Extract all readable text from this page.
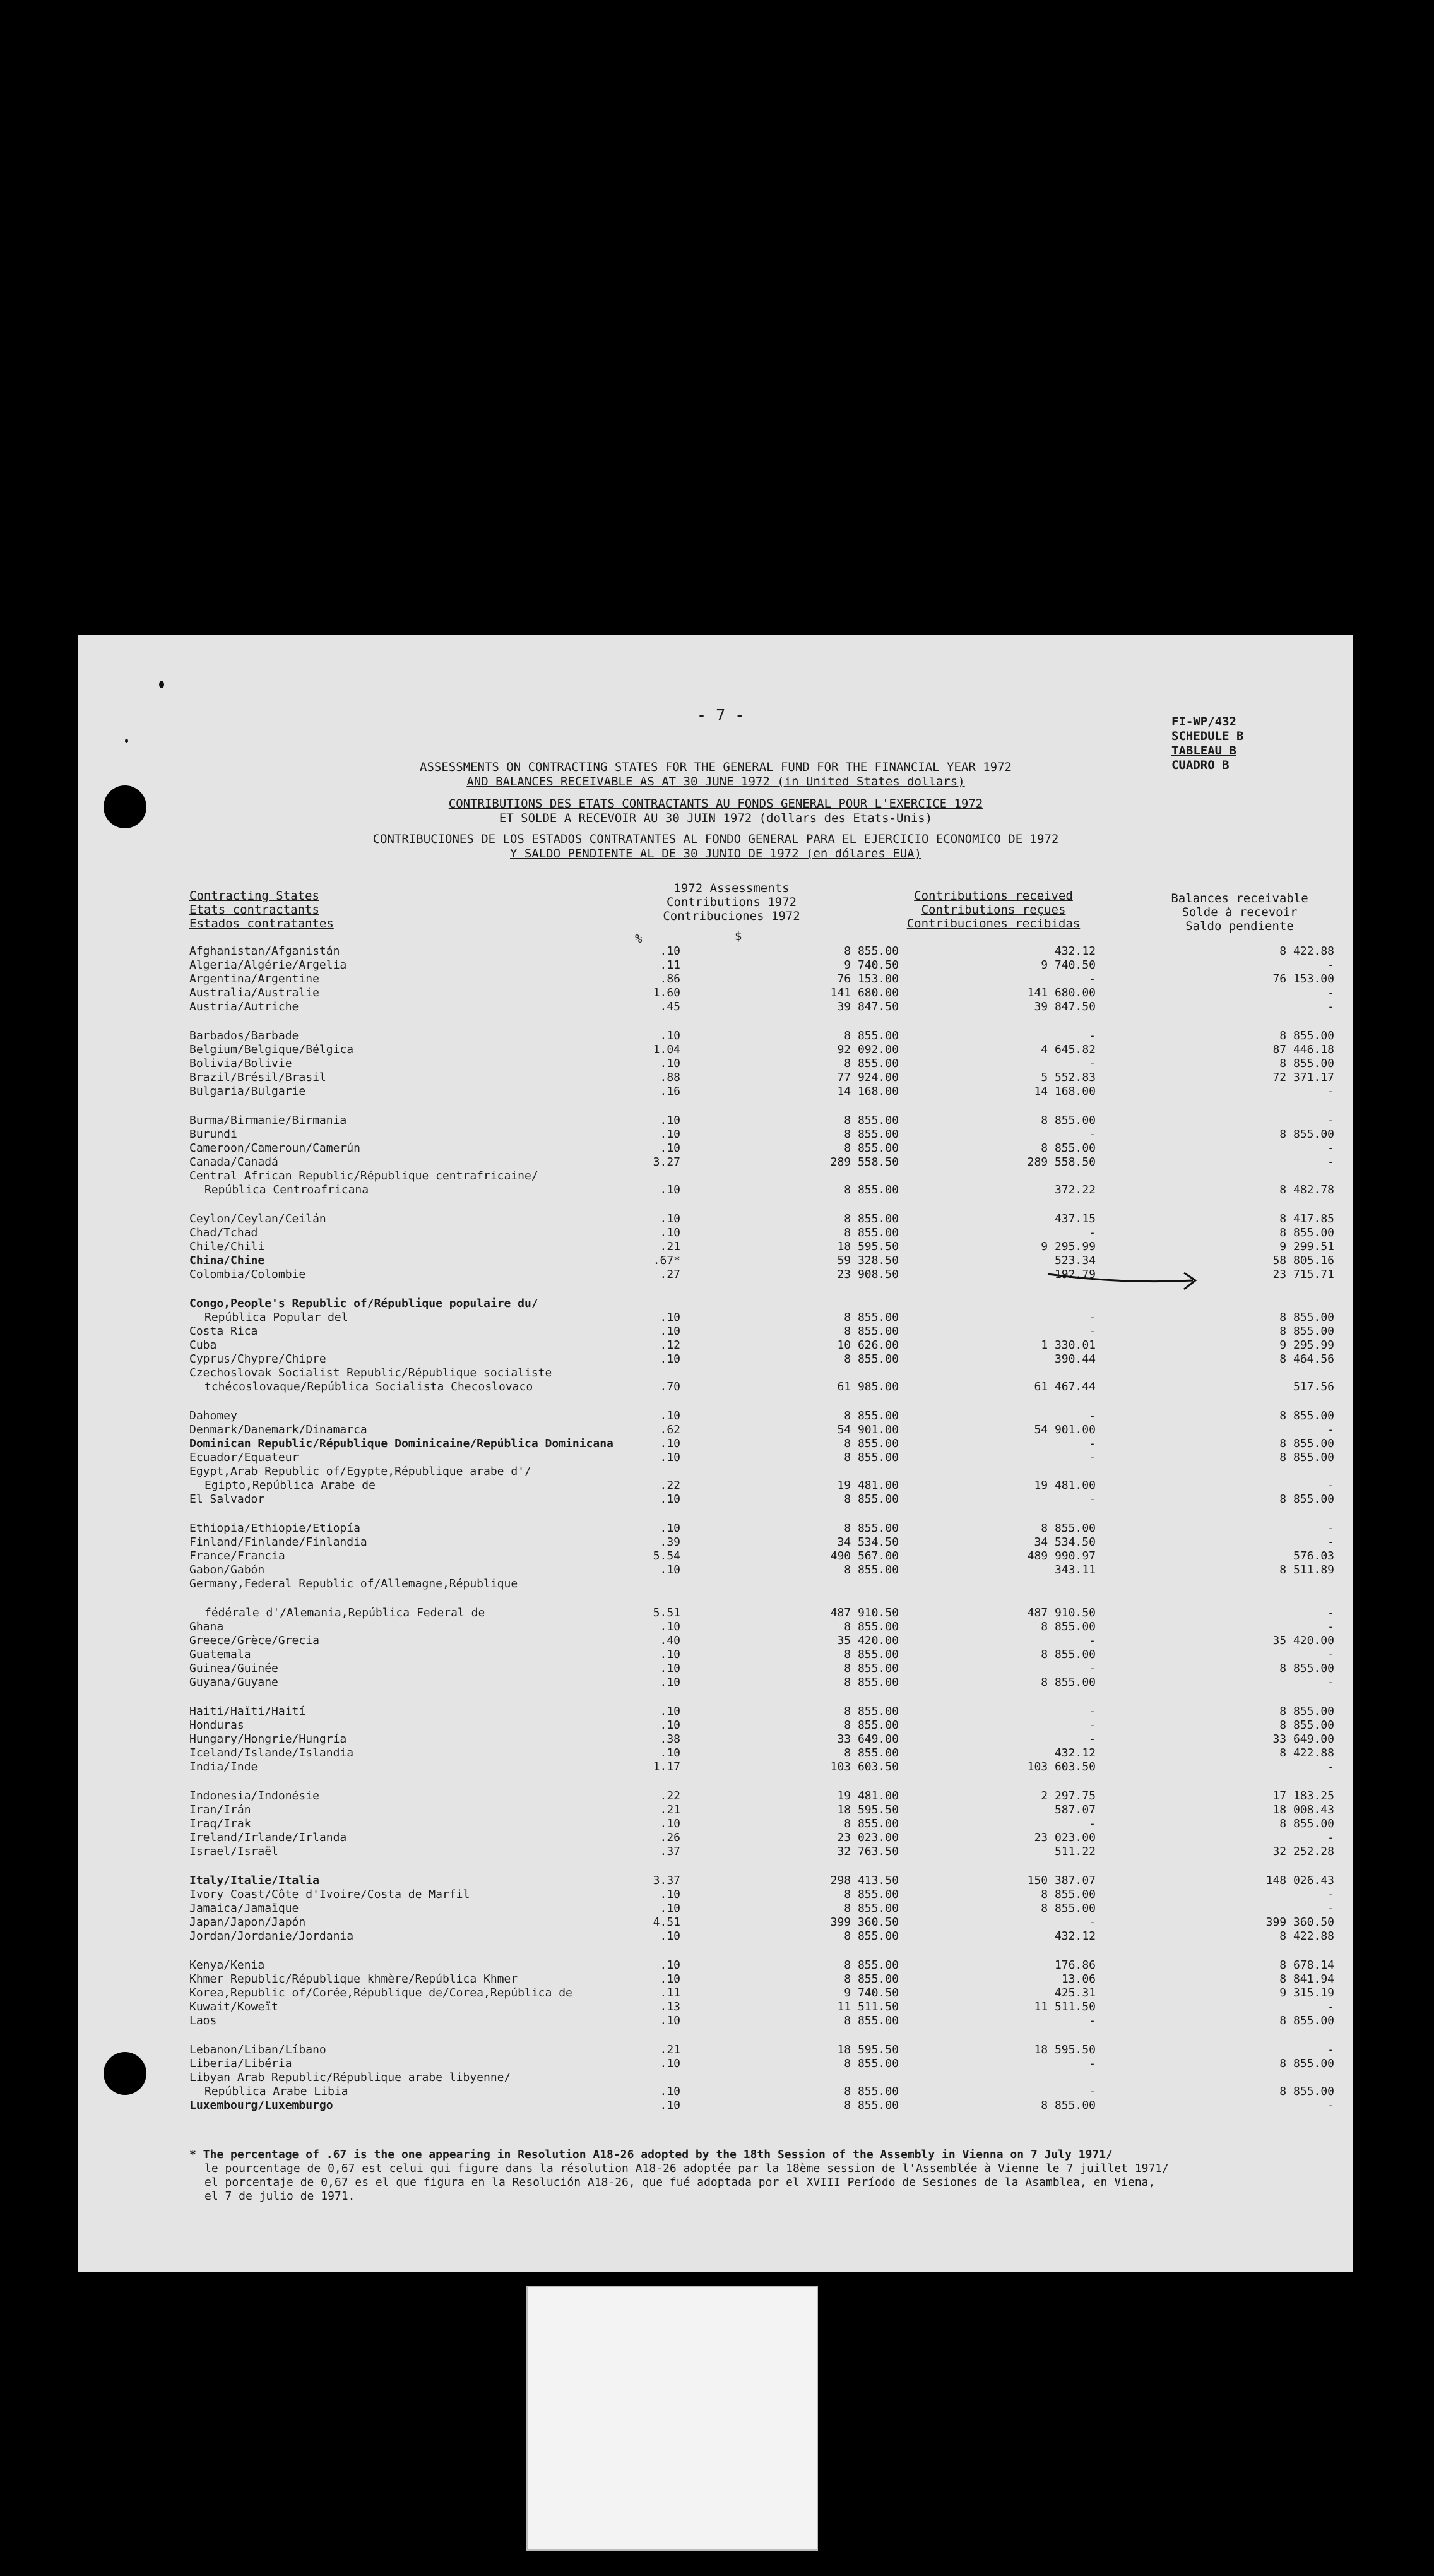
- 7 -	FI-WP/432
SCHEDULE B
TABLEAU B
CUADRO B
ASSESSMENTS ON CONTRACTING STATES FOR THE GENERAL FUND FOR THE FINANCIAL YEAR 1972
AND BALANCES RECEIVABLE AS AT 30 JUNE 1972 (in United States dollars)
CONTRIBUTIONS DES ETATS CONTRACTANTS AU FONDS GENERAL POUR L'EXERCICE 1972
ET SOLDE A RECEVOIR AU 30 JUIN 1972 (dollars des Etats-Unis)
CONTRIBUCIONES DE LOS ESTADOS CONTRATANTES AL FONDO GENERAL PARA EL EJERCICIO ECONOMICO DE 1972
Y SALDO PENDIENTE AL DE 30 JUNIO DE 1972 (en dólares EUA)
Contracting States
Etats contractants
Estados contratantes
1972 Assessments
Contributions 1972
Contribuciones 1972
%	$
Contributions received
Contributions reçues
Contribuciones recibidas
Balances receivable
Solde à recevoir
Saldo pendiente
Afghanistan/Afganistán	.10	8 855.00	432.12	8 422.88
Algeria/Algérie/Argelia	.11	9 740.50	9 740.50	-
Argentina/Argentine	.86	76 153.00	-	76 153.00
Australia/Australie	1.60	141 680.00	141 680.00	-
Austria/Autriche	.45	39 847.50	39 847.50	-
Barbados/Barbade	.10	8 855.00	-	8 855.00
Belgium/Belgique/Bélgica	1.04	92 092.00	4 645.82	87 446.18
Bolivia/Bolivie	.10	8 855.00	-	8 855.00
Brazil/Brésil/Brasil	.88	77 924.00	5 552.83	72 371.17
Bulgaria/Bulgarie	.16	14 168.00	14 168.00	-
Burma/Birmanie/Birmania	.10	8 855.00	8 855.00	-
Burundi	.10	8 855.00	-	8 855.00
Cameroon/Cameroun/Camerún	.10	8 855.00	8 855.00	-
Canada/Canadá	3.27	289 558.50	289 558.50	-
Central African Republic/République centrafricaine/
República Centroafricana	.10	8 855.00	372.22	8 482.78
Ceylon/Ceylan/Ceilán	.10	8 855.00	437.15	8 417.85
Chad/Tchad	.10	8 855.00	-	8 855.00
Chile/Chili	.21	18 595.50	9 295.99	9 299.51
China/Chine	.67*	59 328.50	523.34	58 805.16
Colombia/Colombie	.27	23 908.50	192.79	23 715.71
Congo,People's Republic of/République populaire du/
República Popular del	.10	8 855.00	-	8 855.00
Costa Rica	.10	8 855.00	-	8 855.00
Cuba	.12	10 626.00	1 330.01	9 295.99
Cyprus/Chypre/Chipre	.10	8 855.00	390.44	8 464.56
Czechoslovak Socialist Republic/République socialiste
tchécoslovaque/República Socialista Checoslovaco	.70	61 985.00	61 467.44	517.56
Dahomey	.10	8 855.00	-	8 855.00
Denmark/Danemark/Dinamarca	.62	54 901.00	54 901.00	-
Dominican Republic/République Dominicaine/República Dominicana	.10	8 855.00	-	8 855.00
Ecuador/Equateur	.10	8 855.00	-	8 855.00
Egypt,Arab Republic of/Egypte,République arabe d'/
Egipto,República Arabe de	.22	19 481.00	19 481.00	-
El Salvador	.10	8 855.00	-	8 855.00
Ethiopia/Ethiopie/Etiopía	.10	8 855.00	8 855.00	-
Finland/Finlande/Finlandia	.39	34 534.50	34 534.50	-
France/Francia	5.54	490 567.00	489 990.97	576.03
Gabon/Gabón	.10	8 855.00	343.11	8 511.89
Germany,Federal Republic of/Allemagne,République
fédérale d'/Alemania,República Federal de	5.51	487 910.50	487 910.50	-
Ghana	.10	8 855.00	8 855.00	-
Greece/Grèce/Grecia	.40	35 420.00	-	35 420.00
Guatemala	.10	8 855.00	8 855.00	-
Guinea/Guinée	.10	8 855.00	-	8 855.00
Guyana/Guyane	.10	8 855.00	8 855.00	-
Haiti/Haïti/Haití	.10	8 855.00	-	8 855.00
Honduras	.10	8 855.00	-	8 855.00
Hungary/Hongrie/Hungría	.38	33 649.00	-	33 649.00
Iceland/Islande/Islandia	.10	8 855.00	432.12	8 422.88
India/Inde	1.17	103 603.50	103 603.50	-
Indonesia/Indonésie	.22	19 481.00	2 297.75	17 183.25
Iran/Irán	.21	18 595.50	587.07	18 008.43
Iraq/Irak	.10	8 855.00	-	8 855.00
Ireland/Irlande/Irlanda	.26	23 023.00	23 023.00	-
Israel/Israël	.37	32 763.50	511.22	32 252.28
Italy/Italie/Italia	3.37	298 413.50	150 387.07	148 026.43
Ivory Coast/Côte d'Ivoire/Costa de Marfil	.10	8 855.00	8 855.00	-
Jamaica/Jamaïque	.10	8 855.00	8 855.00	-
Japan/Japon/Japón	4.51	399 360.50	-	399 360.50
Jordan/Jordanie/Jordania	.10	8 855.00	432.12	8 422.88
Kenya/Kenia	.10	8 855.00	176.86	8 678.14
Khmer Republic/République khmère/República Khmer	.10	8 855.00	13.06	8 841.94
Korea,Republic of/Corée,République de/Corea,República de	.11	9 740.50	425.31	9 315.19
Kuwait/Koweït	.13	11 511.50	11 511.50	-
Laos	.10	8 855.00	-	8 855.00
Lebanon/Liban/Líbano	.21	18 595.50	18 595.50	-
Liberia/Libéria	.10	8 855.00	-	8 855.00
Libyan Arab Republic/République arabe libyenne/
República Arabe Libia	.10	8 855.00	-	8 855.00
Luxembourg/Luxemburgo	.10	8 855.00	8 855.00	-
* The percentage of .67 is the one appearing in Resolution A18-26 adopted by the 18th Session of the Assembly in Vienna on 7 July 1971/
le pourcentage de 0,67 est celui qui figure dans la résolution A18-26 adoptée par la 18ème session de l'Assemblée à Vienne le 7 juillet 1971/
el porcentaje de 0,67 es el que figura en la Resolución A18-26, que fué adoptada por el XVIII Período de Sesiones de la Asamblea, en Viena,
el 7 de julio de 1971.
